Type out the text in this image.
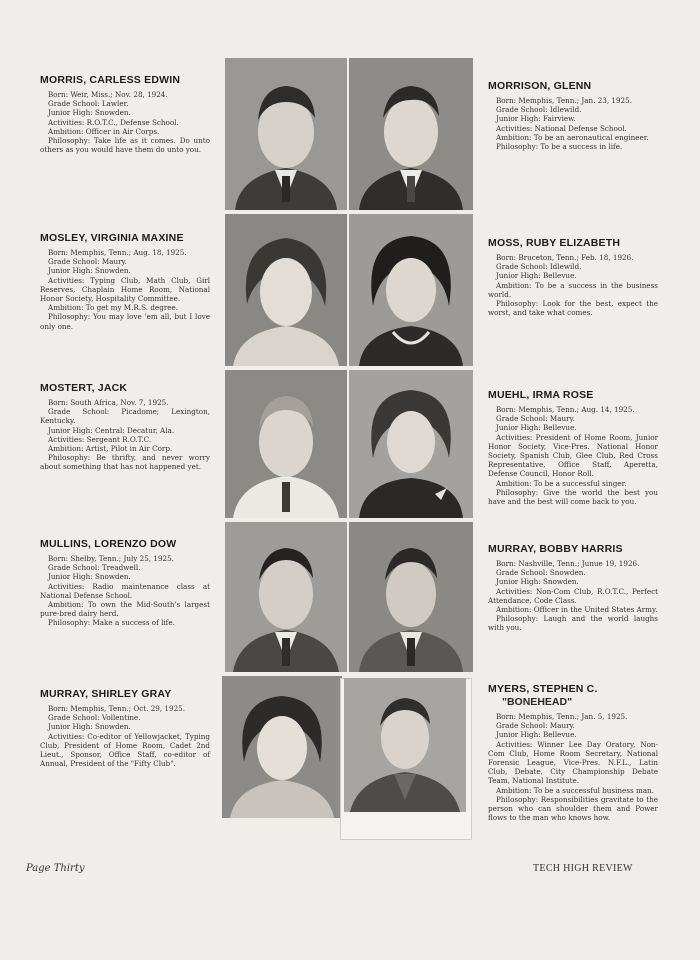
MORRIS, CARLESS EDWIN

Born: Weir, Miss.; Nov. 28, 1924.

Grade School: Lawler.

Junior High: Snowden.

Activities: R.O.T.C., Defense School.

Ambition: Officer in Air Corps.

Philosophy: Take life as it comes. Do unto others as you would have them do unto you.

MOSLEY, VIRGINIA MAXINE

Born: Memphis, Tenn.; Aug. 18, 1925.

Grade School: Maury.

Junior High: Snowden.

Activities: Typing Club, Math Club, Girl Reserves, Chaplain Home Room, National Honor Society, Hospitality Committee.

Ambition: To get my M.R.S. degree.

Philosophy: You may love 'em all, but I love only one.

MOSTERT, JACK

Born: South Africa, Nov. 7, 1925.

Grade School: Picadome; Lexington, Kentucky.

Junior High: Central; Decatur, Ala.

Activities: Sergeant R.O.T.C.

Ambition: Artist, Pilot in Air Corp.

Philosophy: Be thrifty, and never worry about something that has not happened yet.

MULLINS, LORENZO DOW

Born: Shelby, Tenn.; July 25, 1925.

Grade School: Treadwell.

Junior High: Snowden.

Activities: Radio maintenance class at National Defense School.

Ambition: To own the Mid-South's largest pure-bred dairy herd.

Philosophy: Make a success of life.

MURRAY, SHIRLEY GRAY

Born: Memphis, Tenn.; Oct. 29, 1925.

Grade School: Vollentine.

Junior High: Snowden.

Activities: Co-editor of Yellowjacket, Typing Club, President of Home Room, Cadet 2nd Lieut., Sponsor, Office Staff, co-editor of Annual, President of the "Fifty Club".

MORRISON, GLENN

Born: Memphis, Tenn.; Jan. 23, 1925.

Grade School: Idlewild.

Junior High: Fairview.

Activities: National Defense School.

Ambition: To be an aeronautical engineer.

Philosophy: To be a success in life.

MOSS, RUBY ELIZABETH

Born: Bruceton, Tenn.; Feb. 18, 1926.

Grade School: Idlewild.

Junior High: Bellevue.

Ambition: To be a success in the business world.

Philosophy: Look for the best, expect the worst, and take what comes.

MUEHL, IRMA ROSE

Born: Memphis, Tenn.; Aug. 14, 1925.

Grade School: Maury.

Junior High: Bellevue.

Activities: President of Home Room, Junior Honor Society, Vice-Pres. National Honor Society, Spanish Club, Glee Club, Red Cross Representative, Office Staff, Aperetta, Defense Council, Honor Roll.

Ambition: To be a successful singer.

Philosophy: Give the world the best you have and the best will come back to you.

MURRAY, BOBBY HARRIS

Born: Nashville, Tenn.; Junue 19, 1926.

Grade School: Snowden.

Junior High: Snowden.

Activities: Non-Com Club, R.O.T.C., Perfect Attendance, Code Class.

Ambition: Officer in the United States Army.

Philosophy: Laugh and the world laughs with you.

MYERS, STEPHEN C.
"BONEHEAD"

Born: Memphis, Tenn.; Jan. 5, 1925.

Grade School: Maury.

Junior High: Bellevue.

Activities: Winner Lee Day Oratory, Non-Com Club, Home Room Secretary, National Forensic League, Vice-Pres. N.F.L., Latin Club, Debate, City Championship Debate Team, National Institute.

Ambition: To be a successful business man.

Philosophy: Responsibilities gravitate to the person who can shoulder them and Power flows to the man who knows how.

Page Thirty	TECH HIGH REVIEW
